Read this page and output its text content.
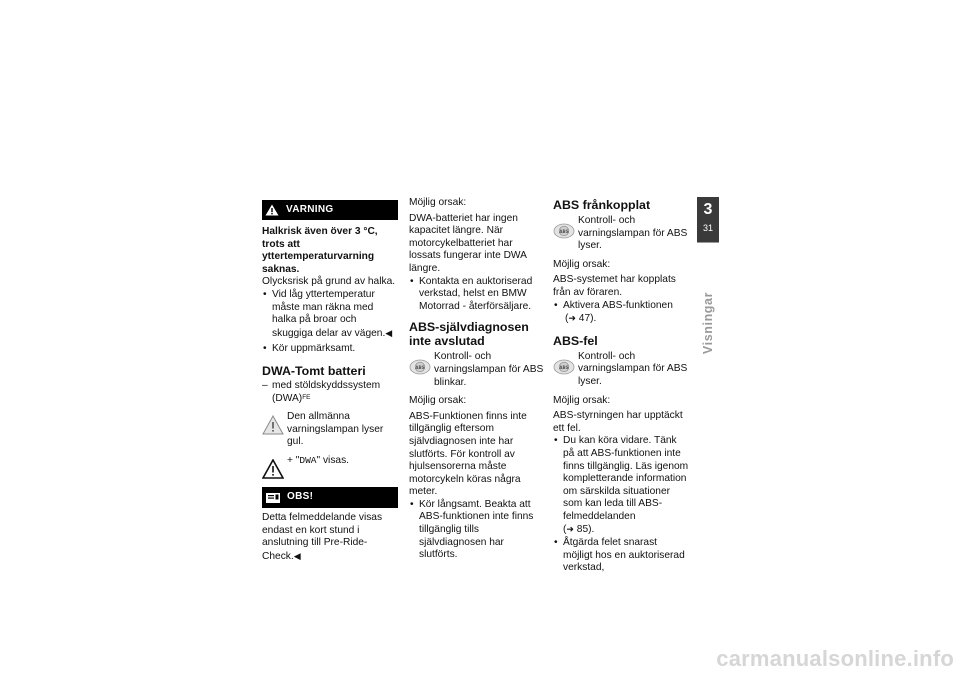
VARNING
Halkrisk även över 3 °C, trots att yttertemperaturvarning saknas.
Olycksrisk på grund av halka.
• Vid låg yttertemperatur måste man räkna med halka på broar och skuggiga delar av vägen.◀
• Kör uppmärksamt.
DWA-Tomt batteri
– med stöldskyddssystem (DWA)$^{FE}$
Den allmänna varningslampan lyser gul.
+ "DWA" visas.
OBS!
Detta felmeddelande visas endast en kort stund i anslutning till Pre-Ride-Check.◀
Möjlig orsak:
DWA-batteriet har ingen kapacitet längre. När motorcykelbatteriet har lossats fungerar inte DWA längre.
• Kontakta en auktoriserad verkstad, helst en BMW Motorrad - återförsäljare.
ABS-självdiagnosen inte avslutad
ABS
Kontroll- och varningslampan för ABS blinkar.
Möjlig orsak:
ABS-Funktionen finns inte tillgänglig eftersom självdiagnosen inte har slutförts. För kontroll av hjulsensorerna måste motorcykeln köras några meter.
• Kör långsamt. Beakta att ABS-funktionen inte finns tillgänglig tills självdiagnosen har slutförts.
ABS frånkopplat
ABS
Kontroll- och varningslampan för ABS lyser.
Möjlig orsak:
ABS-systemet har kopplats från av föraren.
• Aktivera ABS-funktionen
(➜ 47).
ABS-fel
ABS
Kontroll- och varningslampan för ABS lyser.
Möjlig orsak:
ABS-styrningen har upptäckt ett fel.
• Du kan köra vidare. Tänk på att ABS-funktionen inte finns tillgänglig. Läs igenom kompletterande information om särskilda situationer som kan leda till ABS-felmeddelanden
(➜ 85).
• Åtgärda felet snarast möjligt hos en auktoriserad verkstad,
3
31
Visningar
carmanualsonline.info
